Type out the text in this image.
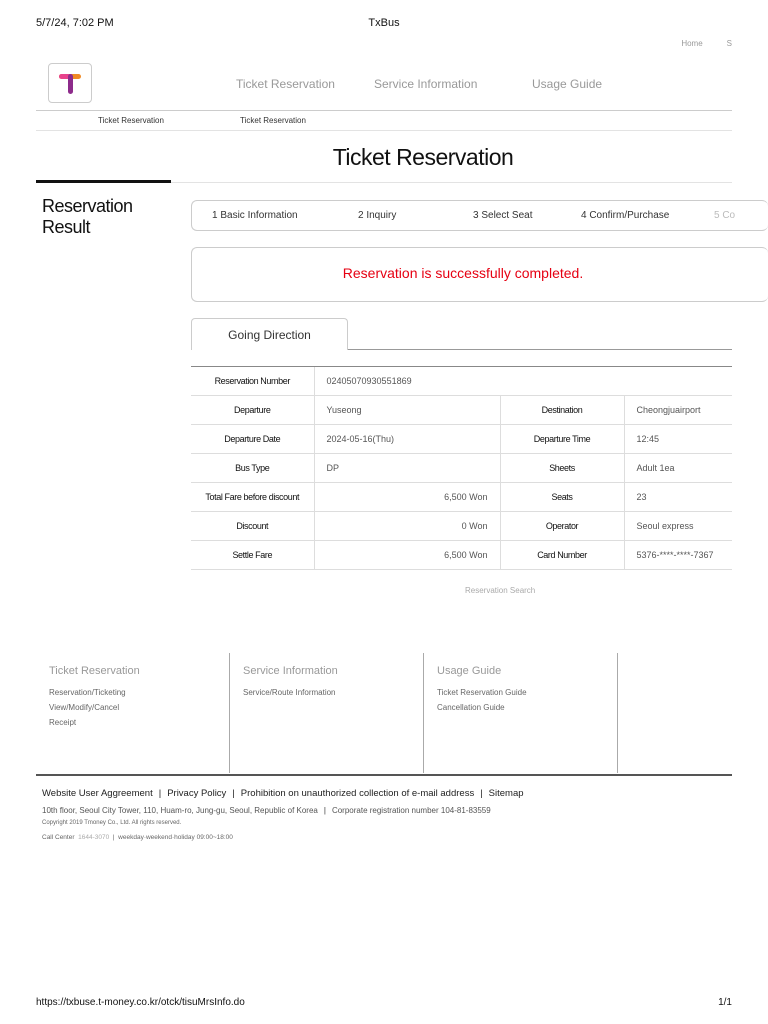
5/7/24, 7:02 PM	TxBus
Home	S
Ticket Reservation	Service Information	Usage Guide
Ticket Reservation	Ticket Reservation
Ticket Reservation
Reservation
Result
1 Basic Information	2 Inquiry	3 Select Seat	4 Confirm/Purchase	5 Co
Reservation is successfully completed.
Going Direction
Reservation Number	02405070930551869		
Departure	Yuseong	Destination	Cheongjuairport
Departure Date	2024-05-16(Thu)	Departure Time	12:45
Bus Type	DP	Sheets	Adult 1ea
Total Fare before discount	6,500 Won	Seats	23
Discount	0 Won	Operator	Seoul express
Settle Fare	6,500 Won	Card Number	5376-****-****-7367
Reservation Search
Ticket Reservation
Reservation/Ticketing
View/Modify/Cancel
Receipt
Service Information
Service/Route Information
Usage Guide
Ticket Reservation Guide
Cancellation Guide
Website User Aggreement | Privacy Policy | Prohibition on unauthorized collection of e-mail address | Sitemap
10th floor, Seoul City Tower, 110, Huam-ro, Jung-gu, Seoul, Republic of Korea | Corporate registration number 104-81-83559
Copyright 2019 Tmoney Co., Ltd. All rights reserved.
Call Center 1644-3070  |  weekday·weekend·holiday 09:00~18:00
https://txbuse.t-money.co.kr/otck/tisuMrsInfo.do	1/1
